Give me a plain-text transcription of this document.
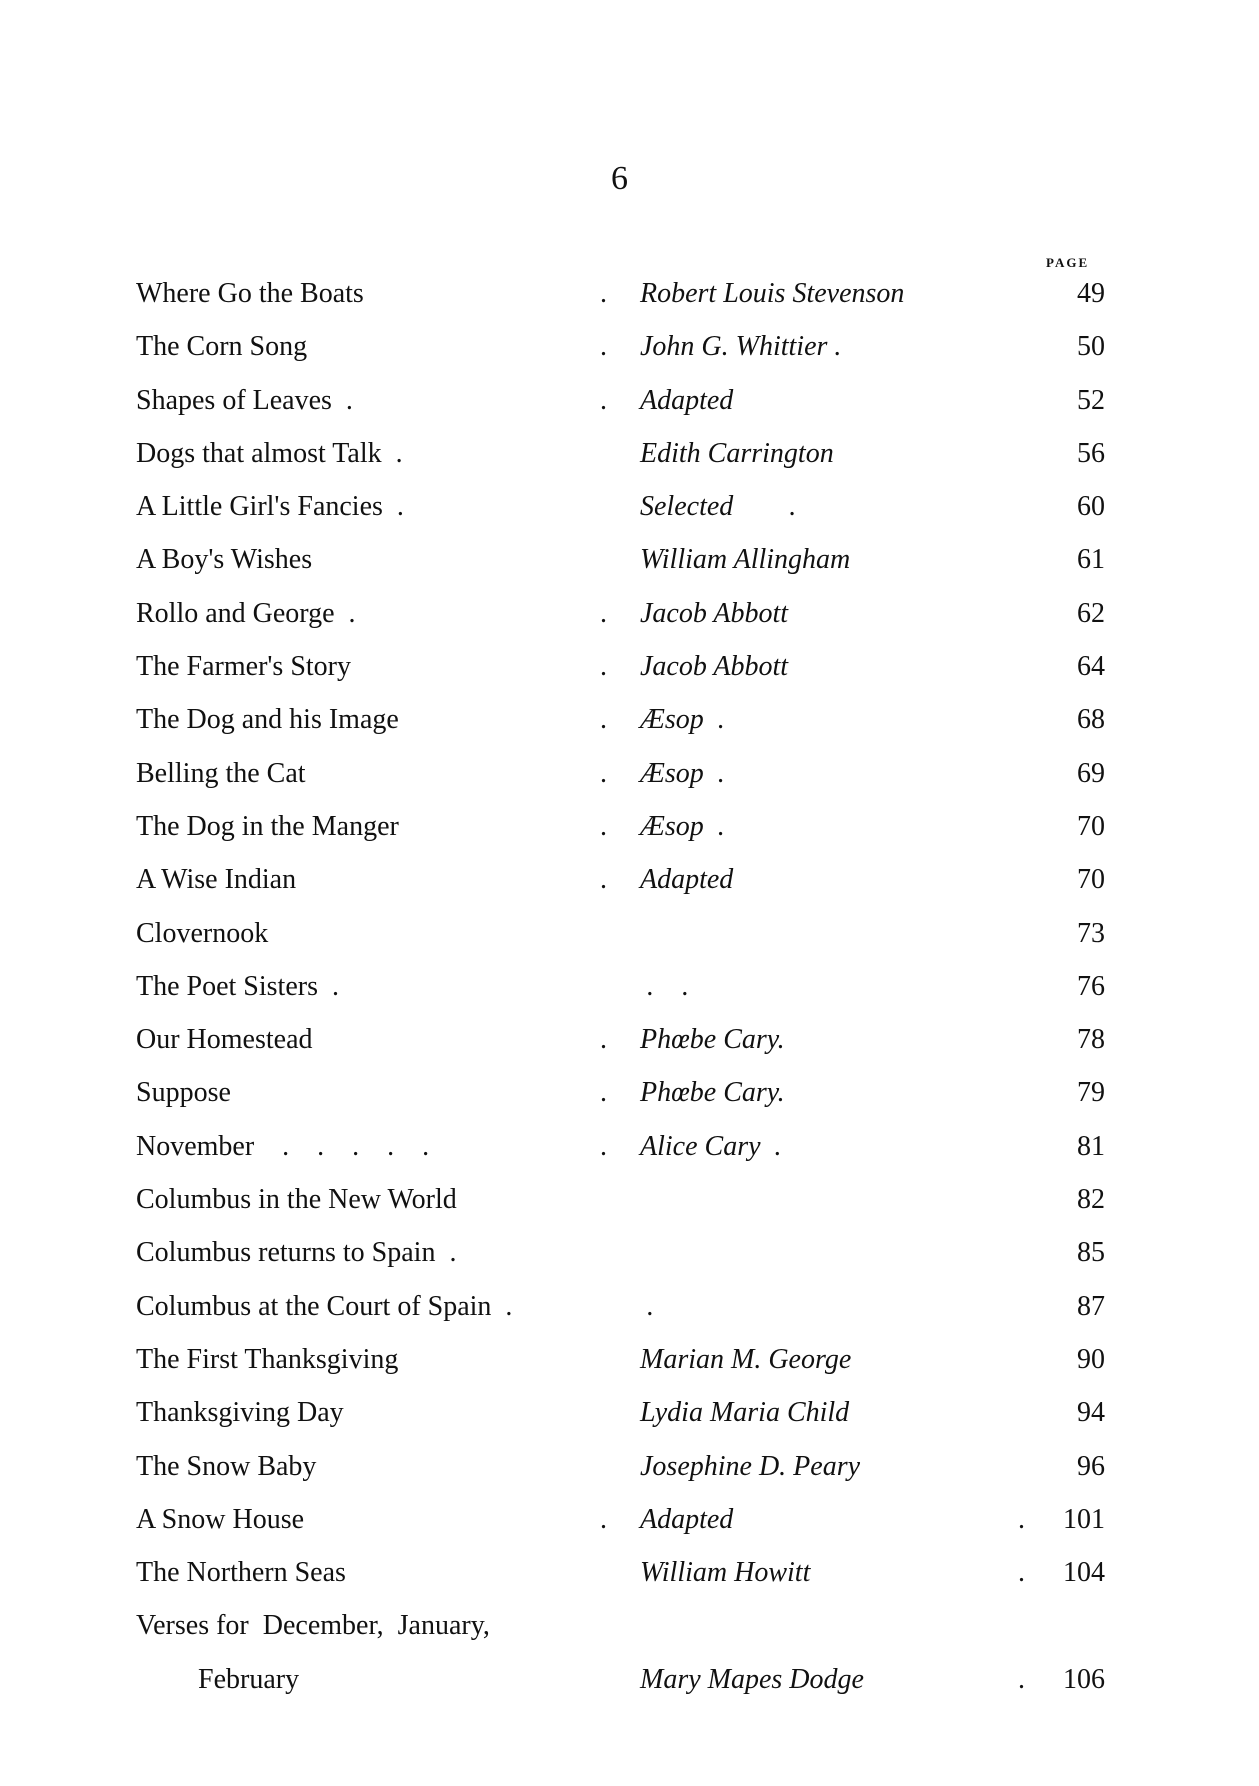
6
PAGE
Where Go the Boats	. Robert Louis Stevenson	49
The Corn Song	. John G. Whittier .	50
Shapes of Leaves  .	. Adapted	52
Dogs that almost Talk  .	Edith Carrington	56
A Little Girl's Fancies  .	Selected        .	60
A Boy's Wishes	William Allingham	61
Rollo and George  .	. Jacob Abbott	62
The Farmer's Story	. Jacob Abbott	64
The Dog and his Image	. Æsop  .	68
Belling the Cat	. Æsop  .	69
The Dog in the Manger	. Æsop  .	70
A Wise Indian	. Adapted	70
Clovernook	73
The Poet Sisters  .	.    .	76
Our Homestead	. Phœbe Cary.	78
Suppose	. Phœbe Cary.	79
November    .    .    .    .    .	. Alice Cary  .	81
Columbus in the New World	82
Columbus returns to Spain  .	85
Columbus at the Court of Spain  .	.	87
The First Thanksgiving	Marian M. George	90
Thanksgiving Day	Lydia Maria Child	94
The Snow Baby	Josephine D. Peary	96
A Snow House	. Adapted	. 101
The Northern Seas	William Howitt	. 104
Verses for  December,  January,
February	Mary Mapes Dodge	. 106
